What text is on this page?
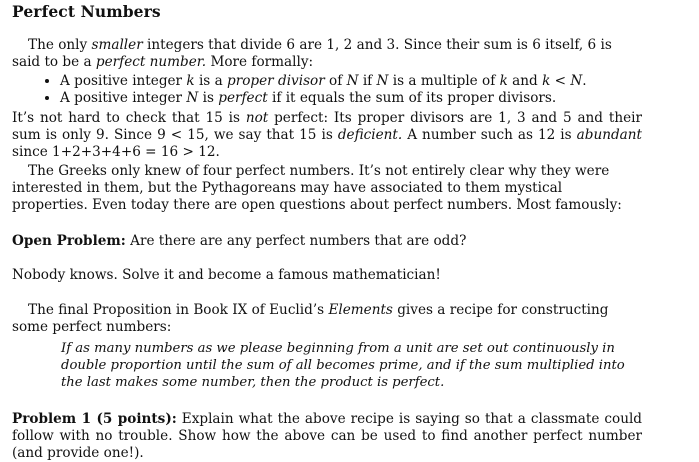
Perfect Numbers

The only smaller integers that divide 6 are 1, 2 and 3. Since their sum is 6 itself, 6 is said to be a perfect number. More formally:

• A positive integer k is a proper divisor of N if N is a multiple of k and k < N.
• A positive integer N is perfect if it equals the sum of its proper divisors.

It’s not hard to check that 15 is not perfect: Its proper divisors are 1, 3 and 5 and their sum is only 9. Since 9 < 15, we say that 15 is deficient. A number such as 12 is abundant since 1+2+3+4+6 = 16 > 12.

The Greeks only knew of four perfect numbers. It’s not entirely clear why they were interested in them, but the Pythagoreans may have associated to them mystical properties. Even today there are open questions about perfect numbers. Most famously:

Open Problem: Are there are any perfect numbers that are odd?

Nobody knows. Solve it and become a famous mathematician!

The final Proposition in Book IX of Euclid’s Elements gives a recipe for constructing some perfect numbers:

If as many numbers as we please beginning from a unit are set out continuously in double proportion until the sum of all becomes prime, and if the sum multiplied into the last makes some number, then the product is perfect.

Problem 1 (5 points): Explain what the above recipe is saying so that a classmate could follow with no trouble. Show how the above can be used to find another perfect number (and provide one!).
